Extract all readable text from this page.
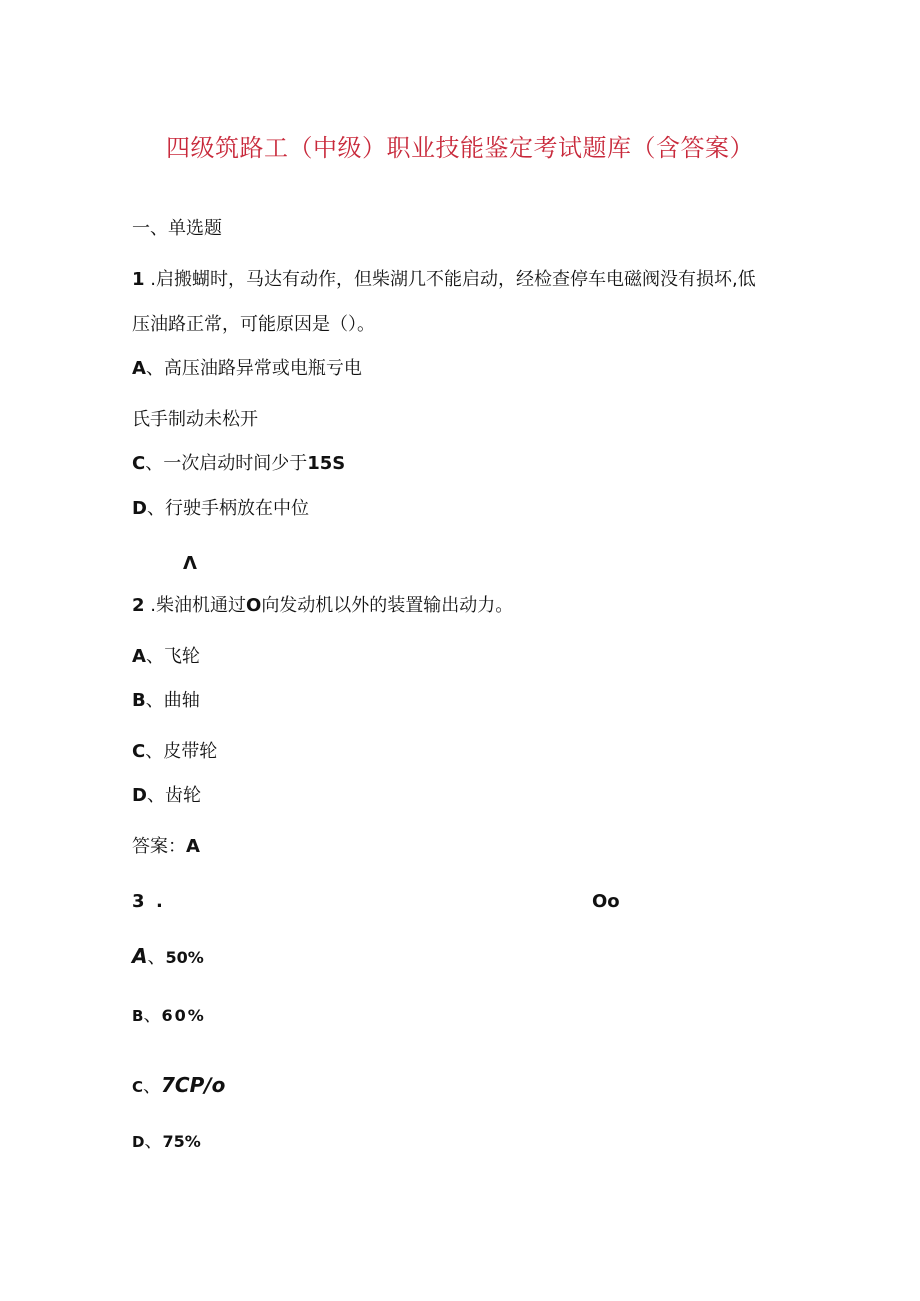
四级筑路工（中级）职业技能鉴定考试题库（含答案）
一、单选题
1 .启搬蝴时，马达有动作，但柴湖几不能启动，经检查停车电磁阀没有损坏,低
压油路正常，可能原因是（）。
A、高压油路异常或电瓶亏电
氏手制动未松开
C、一次启动时间少于15S
D、行驶手柄放在中位
Λ
2 .柴油机通过O向发动机以外的装置输出动力。
A、飞轮
B、曲轴
C、皮带轮
D、齿轮
答案：A
3 .	Oo
A、50%
B、60%
C、7CP∕o
D、75%
